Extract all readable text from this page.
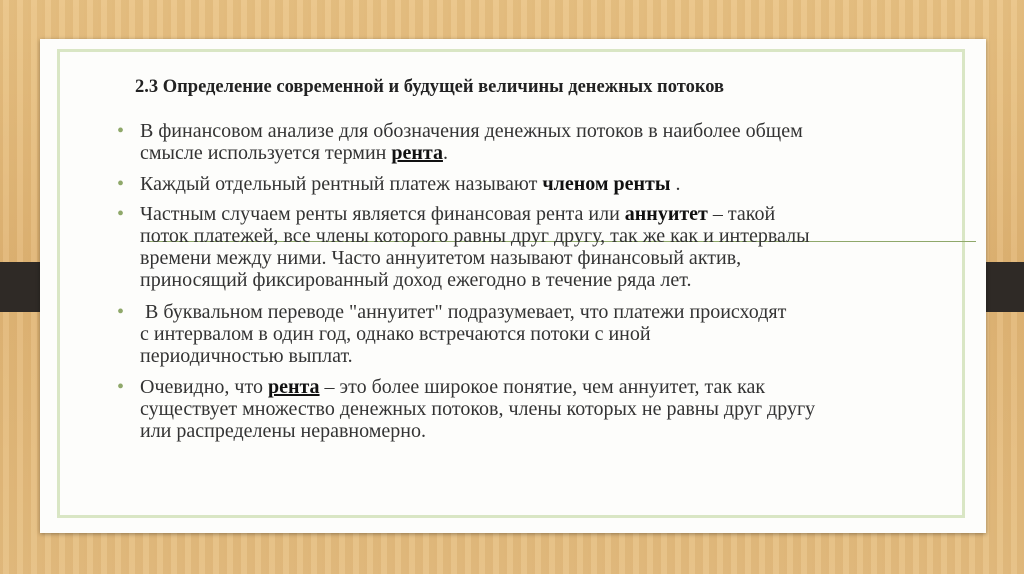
2.3 Определение современной и будущей величины денежных потоков
• В финансовом анализе для обозначения денежных потоков в наиболее общем
смысле используется термин рента.
• Каждый отдельный рентный платеж называют членом ренты .
• Частным случаем ренты является финансовая рента или аннуитет – такой
поток платежей, все члены которого равны друг другу, так же как и интервалы
времени между ними. Часто аннуитетом называют финансовый актив,
приносящий фиксированный доход ежегодно в течение ряда лет.
• В буквальном переводе "аннуитет" подразумевает, что платежи происходят
с интервалом в один год, однако встречаются потоки с иной
периодичностью выплат.
• Очевидно, что рента – это более широкое понятие, чем аннуитет, так как
существует множество денежных потоков, члены которых не равны друг другу
или распределены неравномерно.
